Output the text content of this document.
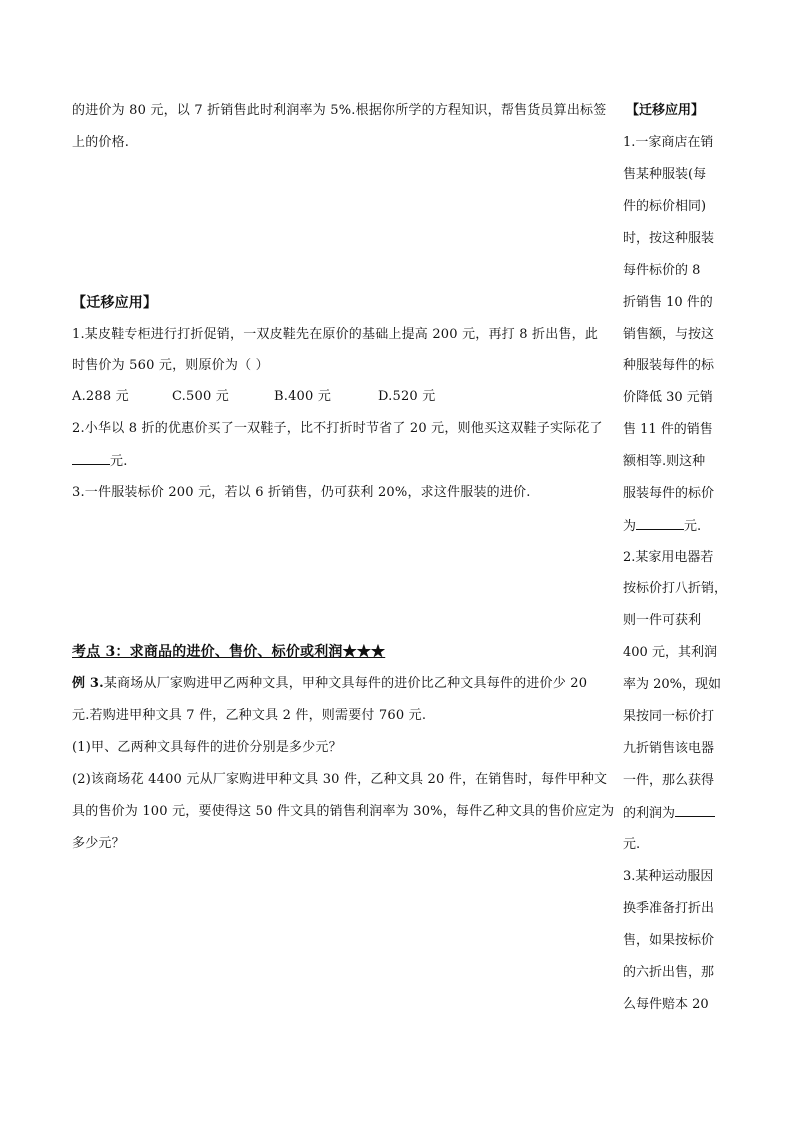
的进价为 80 元，以 7 折销售此时利润率为 5%.根据你所学的方程知识，帮售货员算出标签
上的价格.
【迁移应用】
1.某皮鞋专柜进行打折促销，一双皮鞋先在原价的基础上提高 200 元，再打 8 折出售，此
时售价为 560 元，则原价为（ ）
A.288 元	C.500 元	B.400 元	D.520 元
2.小华以 8 折的优惠价买了一双鞋子，比不打折时节省了 20 元，则他买这双鞋子实际花了
元.
3.一件服装标价 200 元，若以 6 折销售，仍可获利 20%，求这件服装的进价.
考点 3：求商品的进价、售价、标价或利润★★★
例 3.某商场从厂家购进甲乙两种文具，甲种文具每件的进价比乙种文具每件的进价少 20
元.若购进甲种文具 7 件，乙种文具 2 件，则需要付 760 元.
(1)甲、乙两种文具每件的进价分别是多少元？
(2)该商场花 4400 元从厂家购进甲种文具 30 件，乙种文具 20 件，在销售时，每件甲种文
具的售价为 100 元，要使得这 50 件文具的销售利润率为 30%，每件乙种文具的售价应定为
多少元？
【迁移应用】
1.一家商店在销
售某种服装(每
件的标价相同)
时，按这种服装
每件标价的 8
折销售 10 件的
销售额，与按这
种服装每件的标
价降低 30 元销
售 11 件的销售
额相等.则这种
服装每件的标价
为	元.
2.某家用电器若
按标价打八折销，
则一件可获利
400 元，其利润
率为 20%，现如
果按同一标价打
九折销售该电器
一件，那么获得
的利润为
元.
3.某种运动服因
换季准备打折出
售，如果按标价
的六折出售，那
么每件赔本 20
